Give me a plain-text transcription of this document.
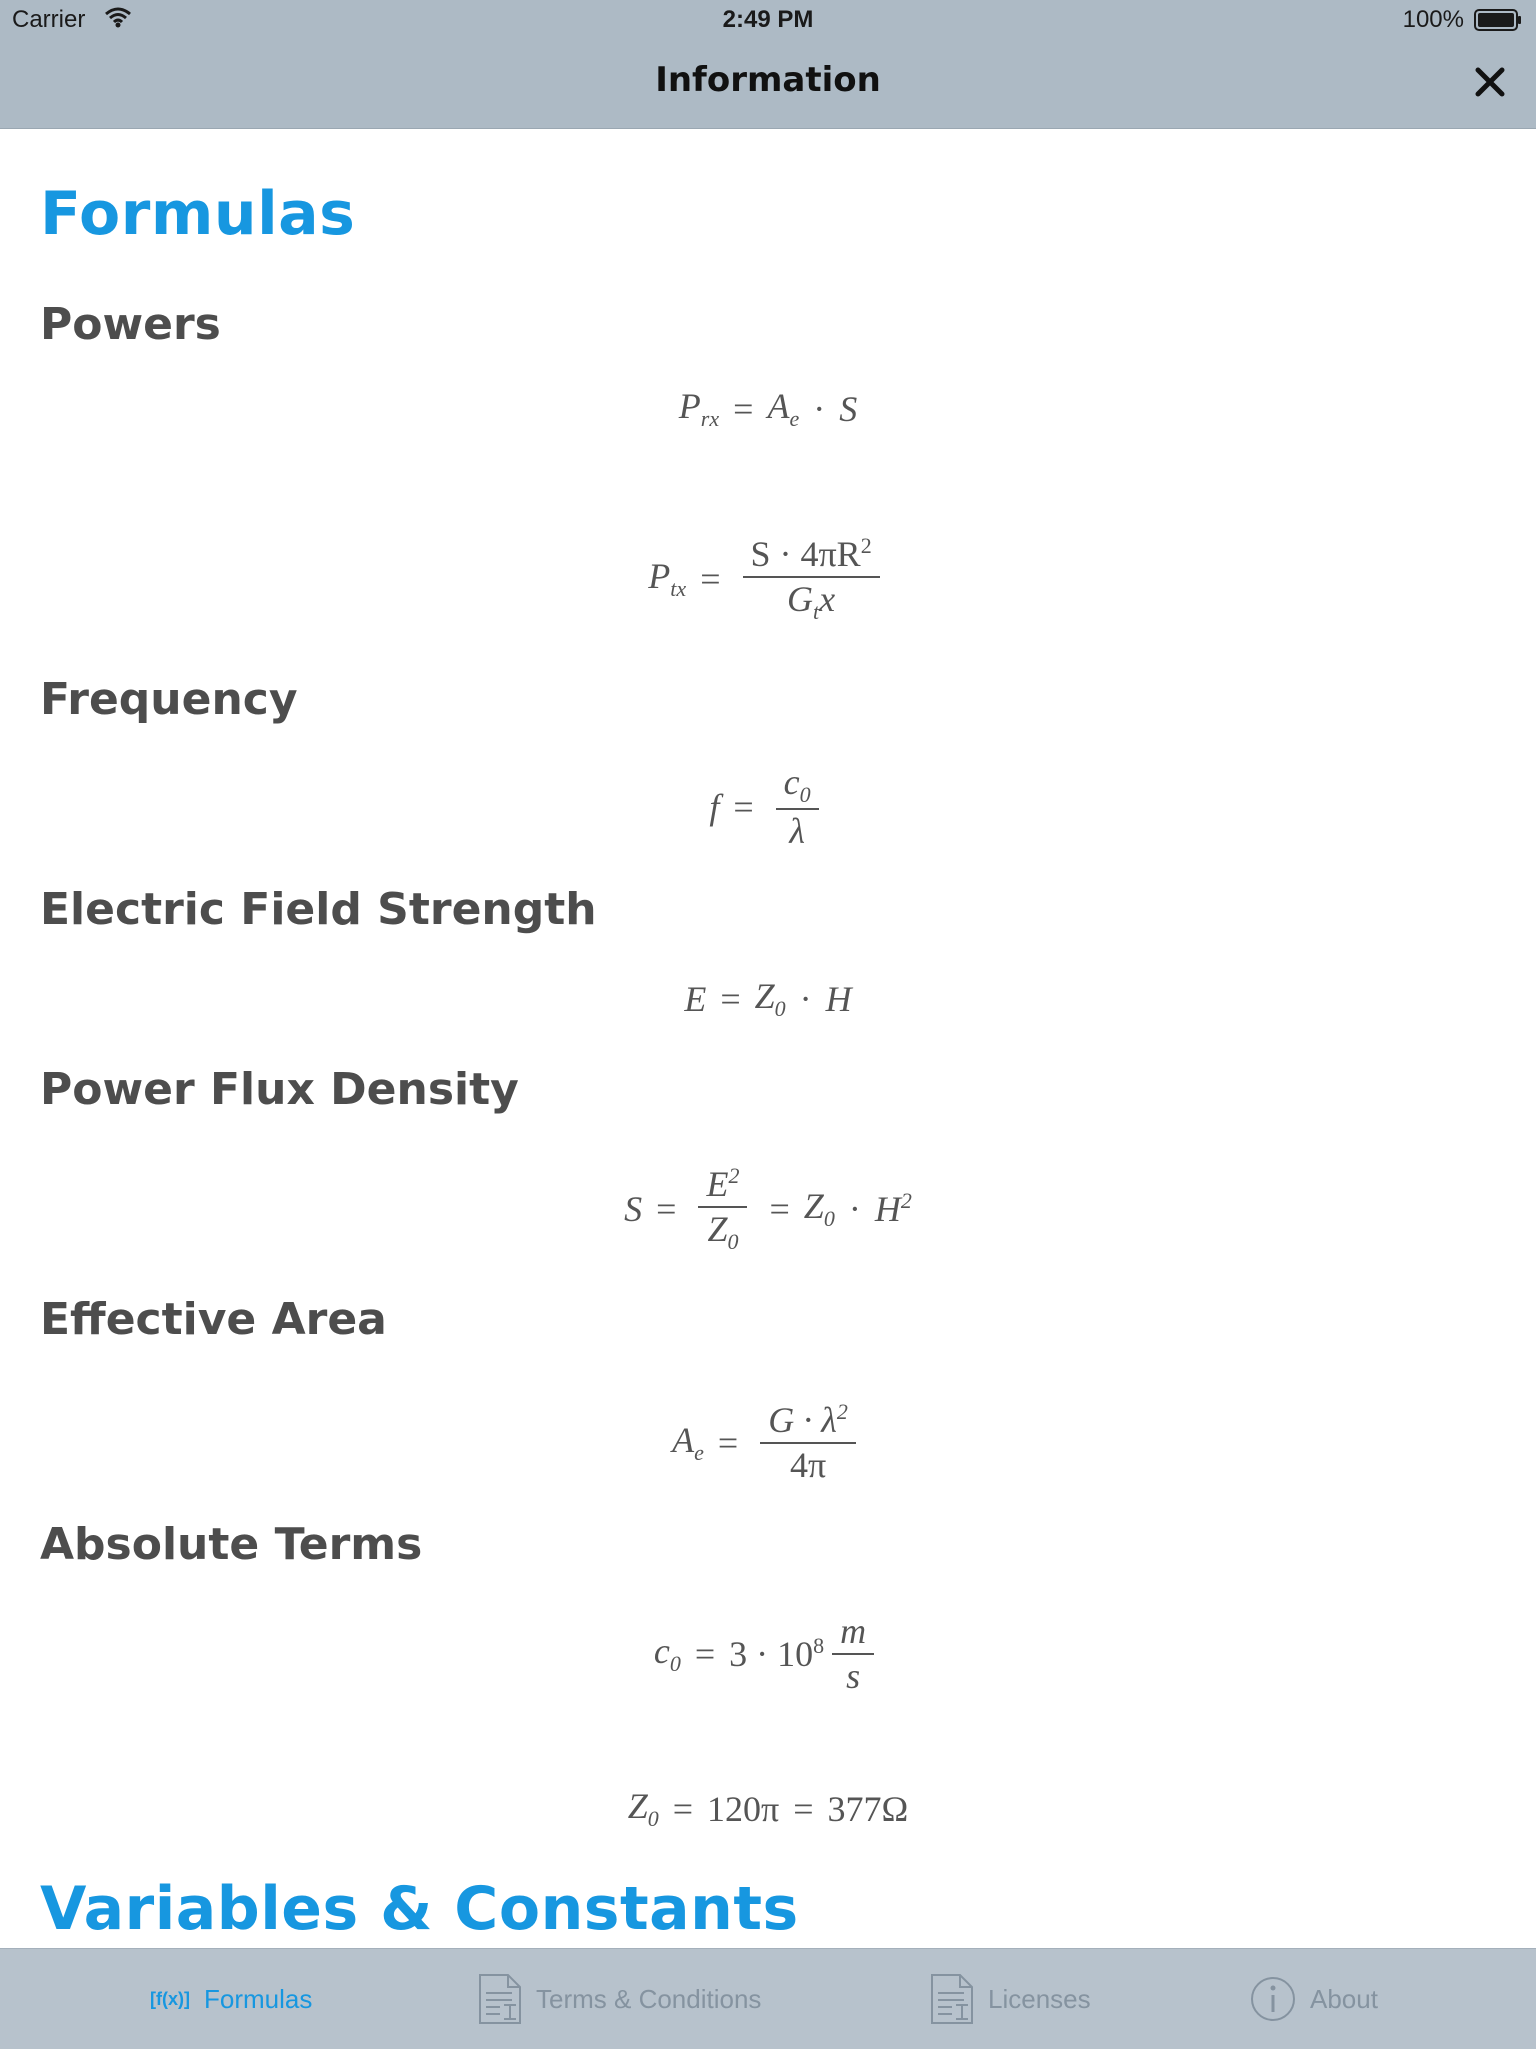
Carrier	2:49 PM	100%
Information
Formulas
Powers
$P_{rx} = A_e \cdot S$
$P_{tx} = \frac{S \cdot 4\pi R^2}{G_tx}$
Frequency
$f = \frac{c_0}{\lambda}$
Electric Field Strength
$E = Z_0 \cdot H$
Power Flux Density
$S = \frac{E^2}{Z_0} = Z_0 \cdot H^2$
Effective Area
$A_e = \frac{G \cdot \lambda^2}{4\pi}$
Absolute Terms
$c_0 = 3 \cdot 10^8 \frac{m}{s}$
$Z_0 = 120\pi = 377\Omega$
Variables & Constants
[f(x)] Formulas	Terms & Conditions	Licenses	About
